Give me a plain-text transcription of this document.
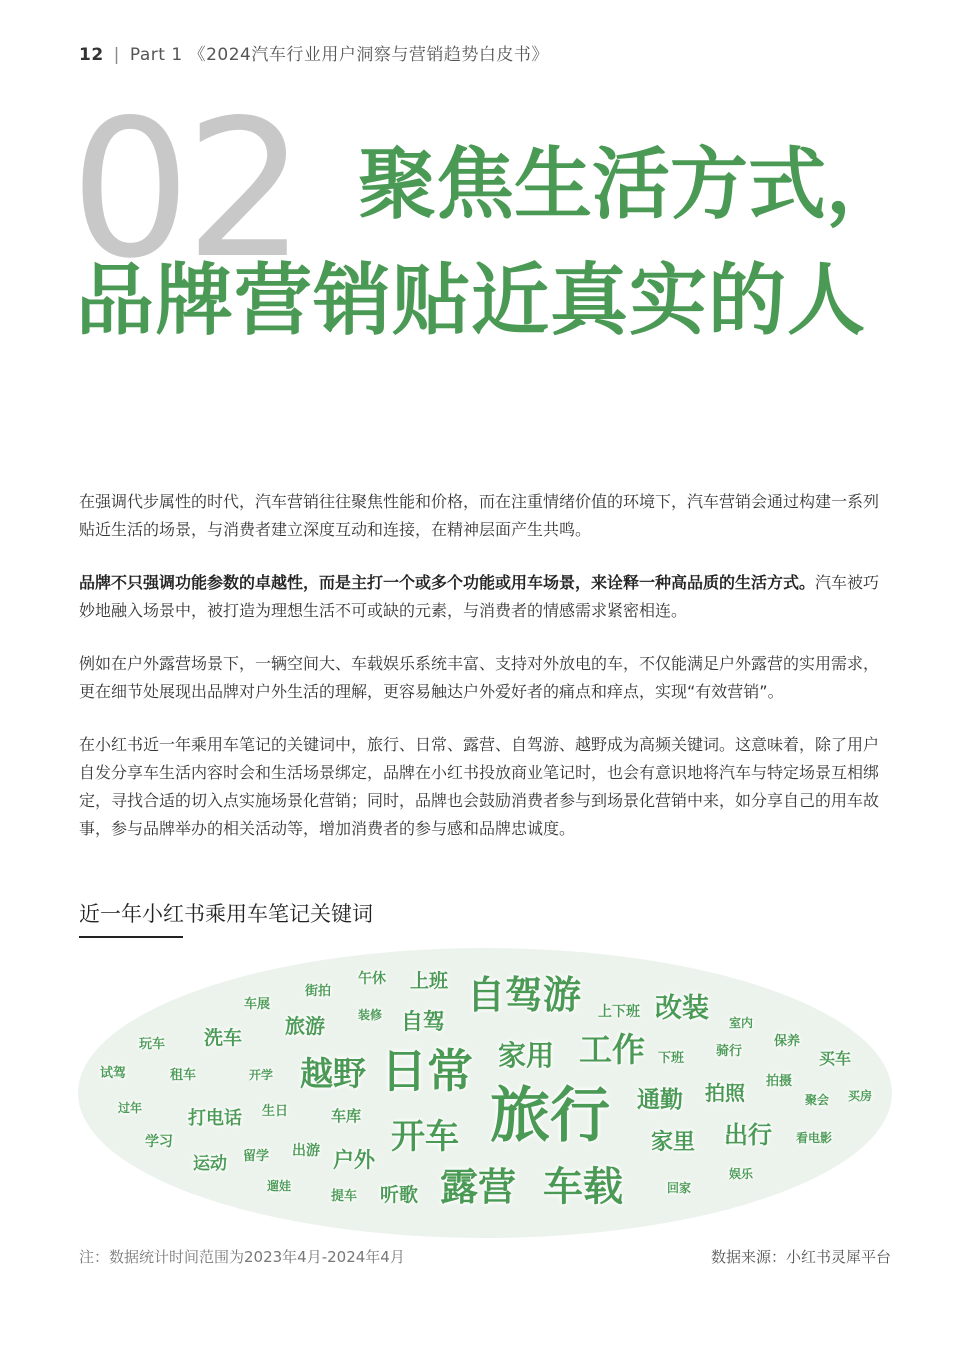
12 | Part 1 《2024汽车行业用户洞察与营销趋势白皮书》
02 聚焦生活方式，
品牌营销贴近真实的人
在强调代步属性的时代，汽车营销往往聚焦性能和价格，而在注重情绪价值的环境下，汽车营销会通过构建一系列贴近生活的场景，与消费者建立深度互动和连接，在精神层面产生共鸣。
品牌不只强调功能参数的卓越性，而是主打一个或多个功能或用车场景，来诠释一种高品质的生活方式。汽车被巧妙地融入场景中，被打造为理想生活不可或缺的元素，与消费者的情感需求紧密相连。
例如在户外露营场景下，一辆空间大、车载娱乐系统丰富、支持对外放电的车，不仅能满足户外露营的实用需求，更在细节处展现出品牌对户外生活的理解，更容易触达户外爱好者的痛点和痒点，实现“有效营销”。
在小红书近一年乘用车笔记的关键词中，旅行、日常、露营、自驾游、越野成为高频关键词。这意味着，除了用户自发分享车生活内容时会和生活场景绑定，品牌在小红书投放商业笔记时，也会有意识地将汽车与特定场景互相绑定，寻找合适的切入点实施场景化营销；同时，品牌也会鼓励消费者参与到场景化营销中来，如分享自己的用车故事，参与品牌举办的相关活动等，增加消费者的参与感和品牌忠诚度。
近一年小红书乘用车笔记关键词
午休 上班 自驾游
街拍
车展
装修 自驾	上下班 改装 室内
旅游
玩车 洗车
越野 日常 家用 工作 下班 骑行
保养
买车
试驾	租车	开学	拍摄
过年	生日	旅行 通勤 拍照	聚会 买房
打电话	车库
学习	开车	家里 出行 看电影
留学 出游
运动	户外
娱乐
遛娃
提车 听歌 露营 车载	回家
注：数据统计时间范围为2023年4月-2024年4月	数据来源：小红书灵犀平台
